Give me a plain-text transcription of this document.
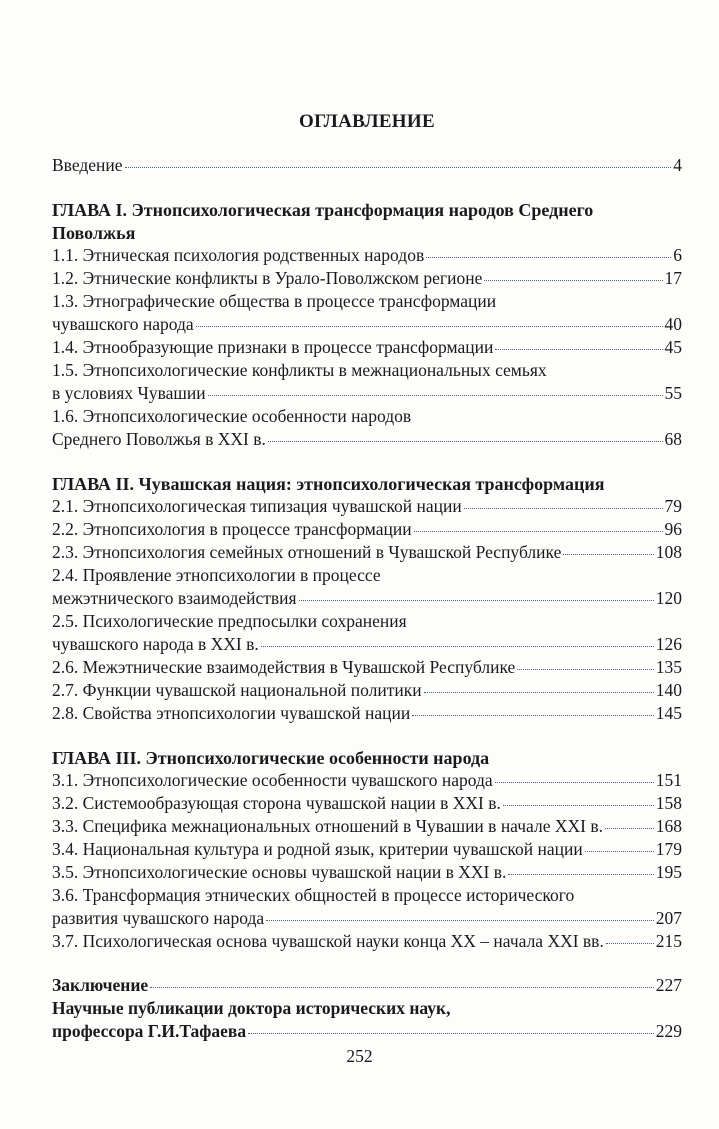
ОГЛАВЛЕНИЕ
Введение	4
ГЛАВА I. Этнопсихологическая трансформация народов Среднего
Поволжья
1.1. Этническая психология родственных народов	6
1.2. Этнические конфликты в Урало-Поволжском регионе	17
1.3. Этнографические общества в процессе трансформации
чувашского народа	40
1.4. Этнообразующие признаки в процессе трансформации	45
1.5. Этнопсихологические конфликты в межнациональных семьях
в условиях Чувашии	55
1.6. Этнопсихологические особенности народов
Среднего Поволжья в XXI в.	68
ГЛАВА II. Чувашская нация: этнопсихологическая трансформация
2.1. Этнопсихологическая типизация чувашской нации	79
2.2. Этнопсихология в процессе трансформации	96
2.3. Этнопсихология семейных отношений в Чувашской Республике	108
2.4. Проявление этнопсихологии в процессе
межэтнического взаимодействия	120
2.5. Психологические предпосылки сохранения
чувашского народа в XXI в.	126
2.6. Межэтнические взаимодействия в Чувашской Республике	135
2.7. Функции чувашской национальной политики	140
2.8. Свойства этнопсихологии чувашской нации	145
ГЛАВА III. Этнопсихологические особенности народа
3.1. Этнопсихологические особенности чувашского народа	151
3.2. Системообразующая сторона чувашской нации в XXI в.	158
3.3. Специфика межнациональных отношений в Чувашии в начале XXI в.	168
3.4. Национальная культура и родной язык, критерии чувашской нации	179
3.5. Этнопсихологические основы чувашской нации в XXI в.	195
3.6. Трансформация этнических общностей в процессе исторического
развития чувашского народа	207
3.7. Психологическая основа чувашской науки конца XX – начала XXI вв.	215
Заключение	227
Научные публикации доктора исторических наук,
профессора Г.И.Тафаева	229
252
